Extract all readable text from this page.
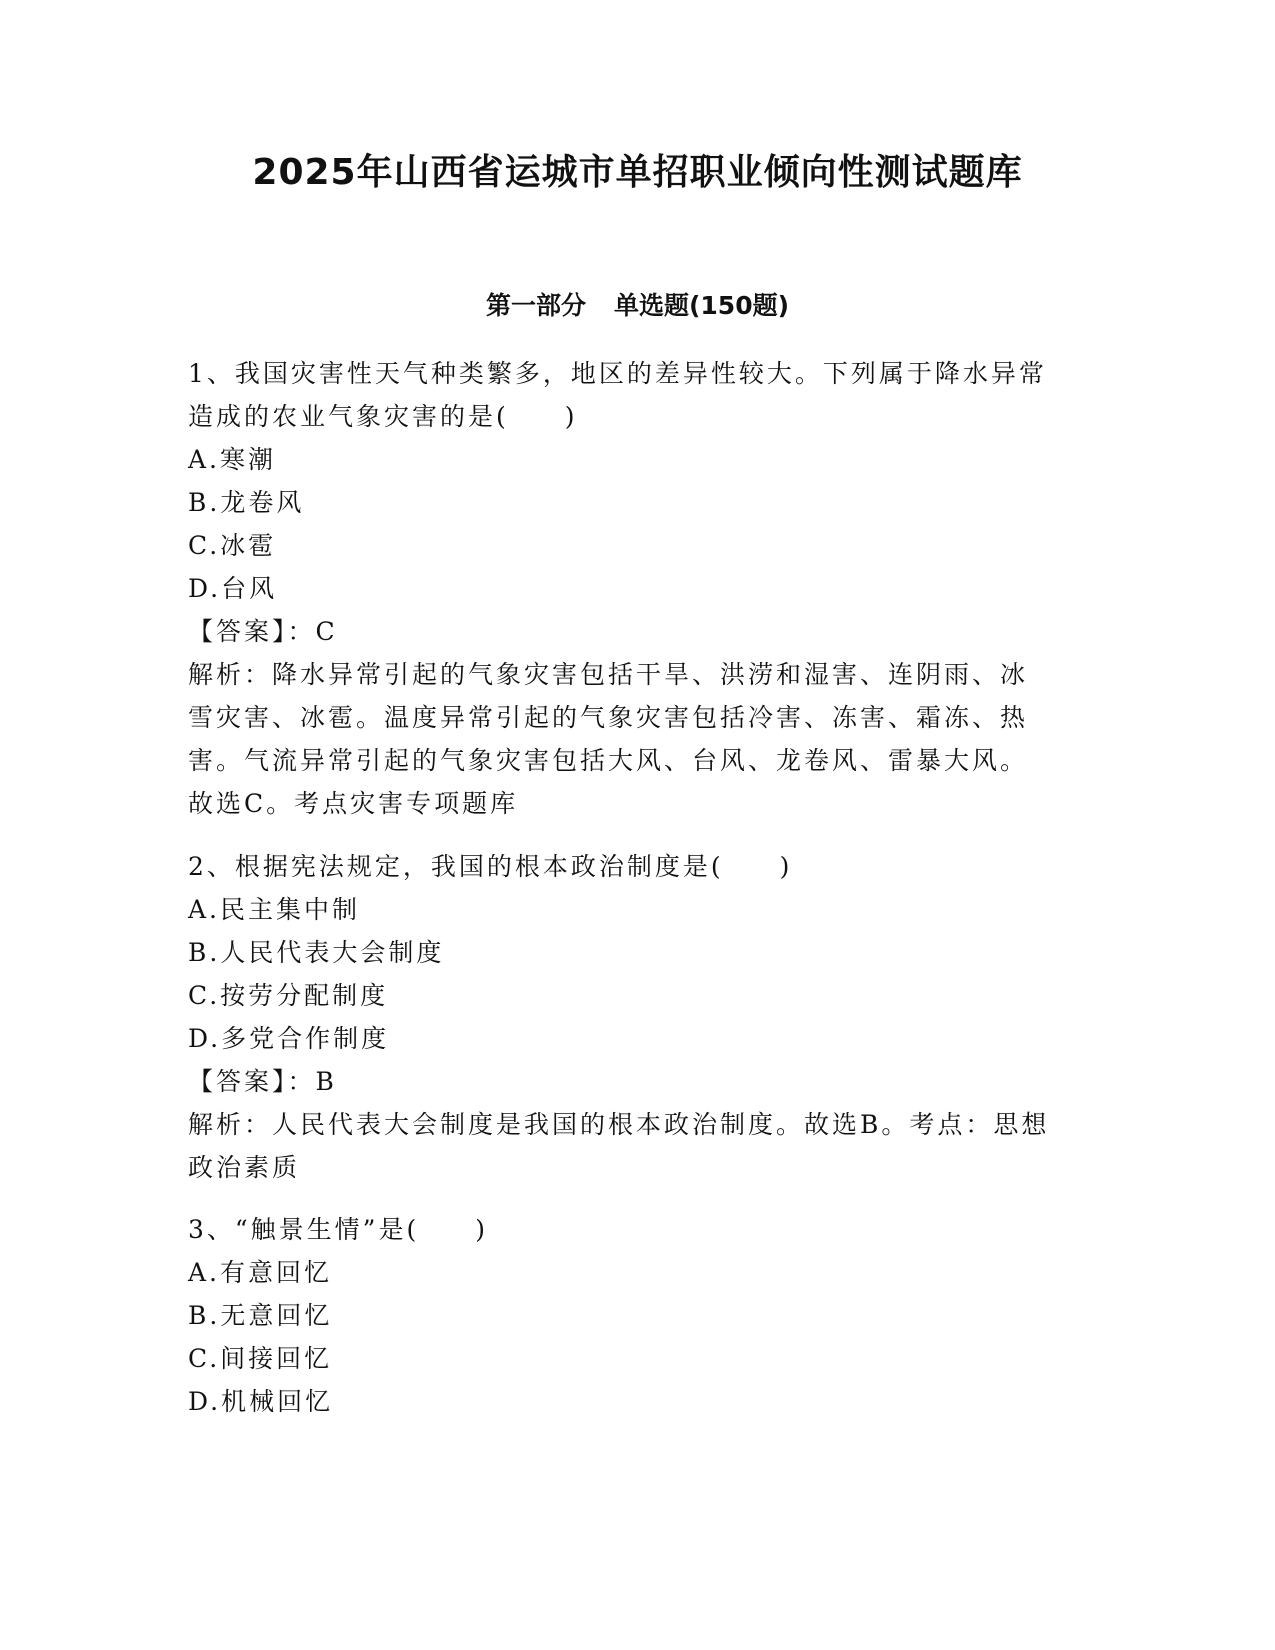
2025年山西省运城市单招职业倾向性测试题库
第一部分 单选题(150题)
1、我国灾害性天气种类繁多，地区的差异性较大。下列属于降水异常
造成的农业气象灾害的是(　　)
A.寒潮
B.龙卷风
C.冰雹
D.台风
【答案】：C
解析：降水异常引起的气象灾害包括干旱、洪涝和湿害、连阴雨、冰
雪灾害、冰雹。温度异常引起的气象灾害包括冷害、冻害、霜冻、热
害。气流异常引起的气象灾害包括大风、台风、龙卷风、雷暴大风。
故选C。考点灾害专项题库
2、根据宪法规定，我国的根本政治制度是(　　)
A.民主集中制
B.人民代表大会制度
C.按劳分配制度
D.多党合作制度
【答案】：B
解析：人民代表大会制度是我国的根本政治制度。故选B。考点：思想
政治素质
3、“触景生情”是(　　)
A.有意回忆
B.无意回忆
C.间接回忆
D.机械回忆
